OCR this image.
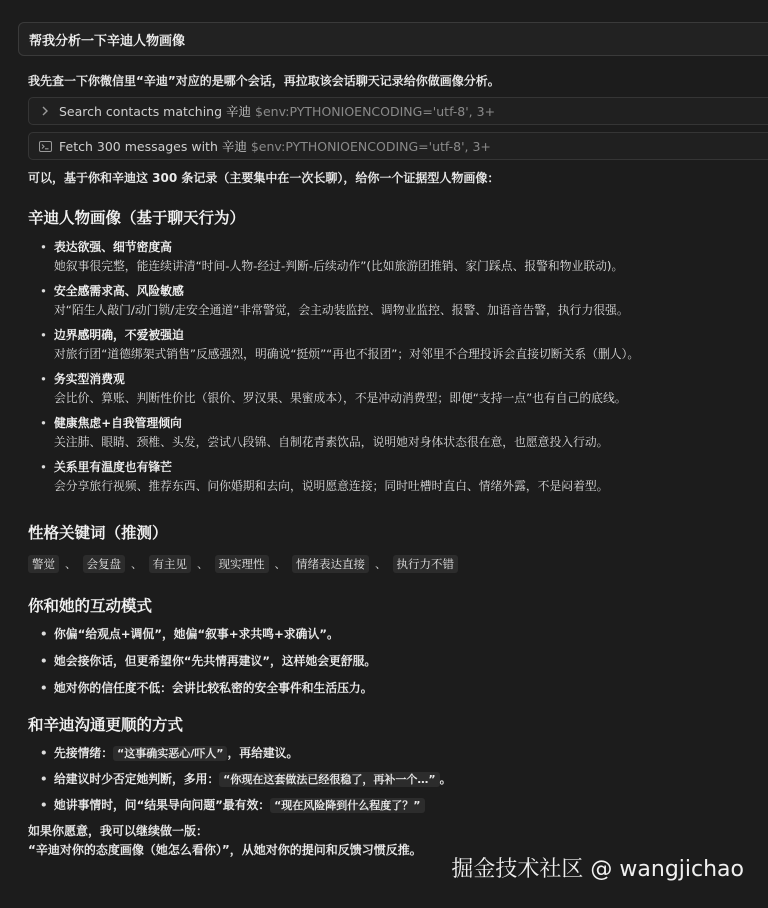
帮我分析一下辛迪人物画像
我先查一下你微信里“辛迪”对应的是哪个会话，再拉取该会话聊天记录给你做画像分析。
Search contacts matching 辛迪 $env:PYTHONIOENCODING='utf-8', 3+
Fetch 300 messages with 辛迪 $env:PYTHONIOENCODING='utf-8', 3+
可以，基于你和辛迪这 300 条记录（主要集中在一次长聊），给你一个证据型人物画像：
辛迪人物画像（基于聊天行为）
• 表达欲强、细节密度高
她叙事很完整，能连续讲清“时间-人物-经过-判断-后续动作”(比如旅游团推销、家门踩点、报警和物业联动)。
• 安全感需求高、风险敏感
对“陌生人敲门/动门锁/走安全通道”非常警觉，会主动装监控、调物业监控、报警、加语音告警，执行力很强。
• 边界感明确，不爱被强迫
对旅行团“道德绑架式销售”反感强烈，明确说“挺烦”“再也不报团”；对邻里不合理投诉会直接切断关系（删人）。
• 务实型消费观
会比价、算账、判断性价比（银价、罗汉果、果蜜成本），不是冲动消费型；即便“支持一点”也有自己的底线。
• 健康焦虑+自我管理倾向
关注肺、眼睛、颈椎、头发，尝试八段锦、自制花青素饮品，说明她对身体状态很在意，也愿意投入行动。
• 关系里有温度也有锋芒
会分享旅行视频、推荐东西、问你婚期和去向，说明愿意连接；同时吐槽时直白、情绪外露，不是闷着型。
性格关键词（推测）
警觉 、 会复盘 、 有主见 、 现实理性 、 情绪表达直接 、 执行力不错
你和她的互动模式
• 你偏“给观点+调侃”，她偏“叙事+求共鸣+求确认”。
• 她会接你话，但更希望你“先共情再建议”，这样她会更舒服。
• 她对你的信任度不低：会讲比较私密的安全事件和生活压力。
和辛迪沟通更顺的方式
• 先接情绪： “这事确实恶心/吓人” ，再给建议。
• 给建议时少否定她判断，多用： “你现在这套做法已经很稳了，再补一个…” 。
• 她讲事情时，问“结果导向问题”最有效： “现在风险降到什么程度了？”
如果你愿意，我可以继续做一版：
“辛迪对你的态度画像（她怎么看你）”，从她对你的提问和反馈习惯反推。
掘金技术社区 @ wangjichao
